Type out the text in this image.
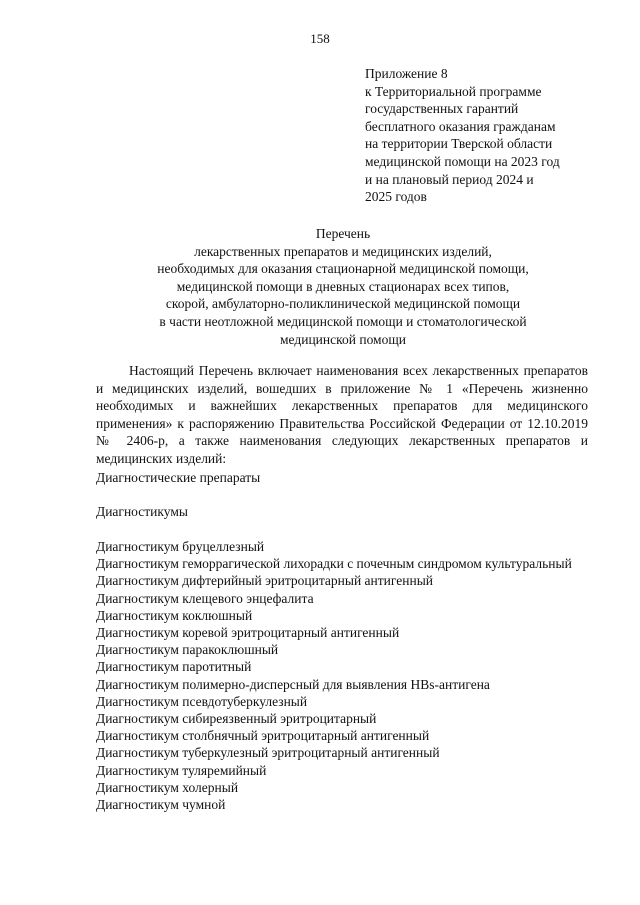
158
Приложение 8
к Территориальной программе
государственных гарантий
бесплатного оказания гражданам
на территории Тверской области
медицинской помощи на 2023 год
и на плановый период 2024 и
2025 годов
Перечень
лекарственных препаратов и медицинских изделий,
необходимых для оказания стационарной медицинской помощи,
медицинской помощи в дневных стационарах всех типов,
скорой, амбулаторно-поликлинической медицинской помощи
в части неотложной медицинской помощи и стоматологической
медицинской помощи
Настоящий Перечень включает наименования всех лекарственных препаратов и медицинских изделий, вошедших в приложение № 1 «Перечень жизненно необходимых и важнейших лекарственных препаратов для медицинского применения» к распоряжению Правительства Российской Федерации от 12.10.2019 № 2406-р, а также наименования следующих лекарственных препаратов и медицинских изделий:
Диагностические препараты
Диагностикумы
Диагностикум бруцеллезный
Диагностикум геморрагической лихорадки с почечным синдромом культуральный
Диагностикум дифтерийный эритроцитарный антигенный
Диагностикум клещевого энцефалита
Диагностикум коклюшный
Диагностикум коревой эритроцитарный антигенный
Диагностикум паракоклюшный
Диагностикум паротитный
Диагностикум полимерно-дисперсный для выявления HBs-антигена
Диагностикум псевдотуберкулезный
Диагностикум сибиреязвенный эритроцитарный
Диагностикум столбнячный эритроцитарный антигенный
Диагностикум туберкулезный эритроцитарный антигенный
Диагностикум туляремийный
Диагностикум холерный
Диагностикум чумной
